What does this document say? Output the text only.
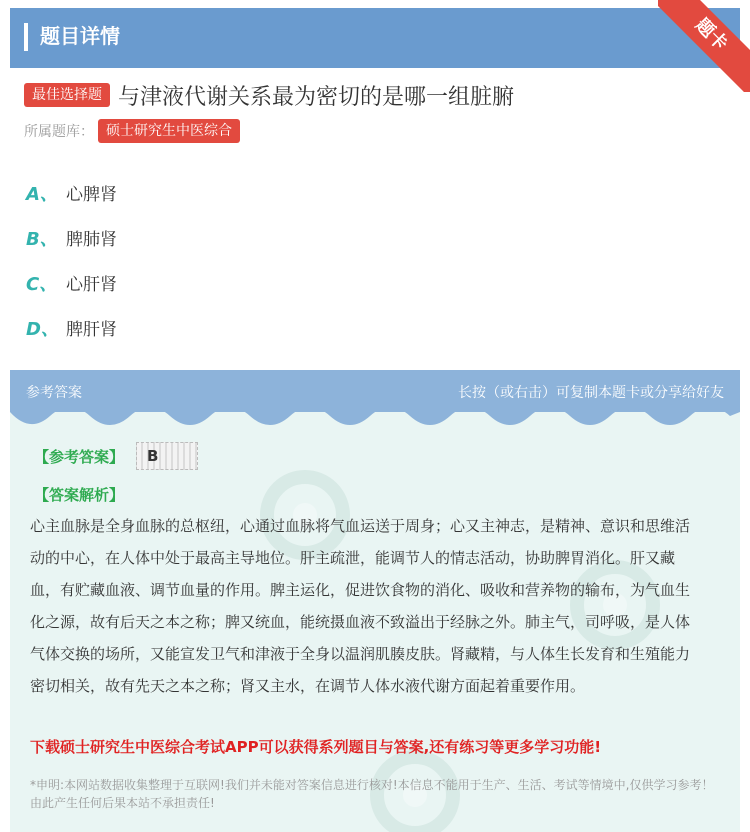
题目详情	题卡
最佳选择题 与津液代谢关系最为密切的是哪一组脏腑
所属题库： 硕士研究生中医综合
A、 心脾肾
B、 脾肺肾
C、 心肝肾
D、 脾肝肾
参考答案	长按（或右击）可复制本题卡或分享给好友
【参考答案】	B
【答案解析】
心主血脉是全身血脉的总枢纽，心通过血脉将气血运送于周身；心又主神志，是精神、意识和思维活动的中心，在人体中处于最高主导地位。肝主疏泄，能调节人的情志活动，协助脾胃消化。肝又藏血，有贮藏血液、调节血量的作用。脾主运化，促进饮食物的消化、吸收和营养物的输布，为气血生化之源，故有后天之本之称；脾又统血，能统摄血液不致溢出于经脉之外。肺主气，司呼吸，是人体气体交换的场所，又能宣发卫气和津液于全身以温润肌腠皮肤。肾藏精，与人体生长发育和生殖能力密切相关，故有先天之本之称；肾又主水，在调节人体水液代谢方面起着重要作用。
下载硕士研究生中医综合考试APP可以获得系列题目与答案,还有练习等更多学习功能!
*申明:本网站数据收集整理于互联网!我们并未能对答案信息进行核对!本信息不能用于生产、生活、考试等情境中,仅供学习参考！由此产生任何后果本站不承担责任!
